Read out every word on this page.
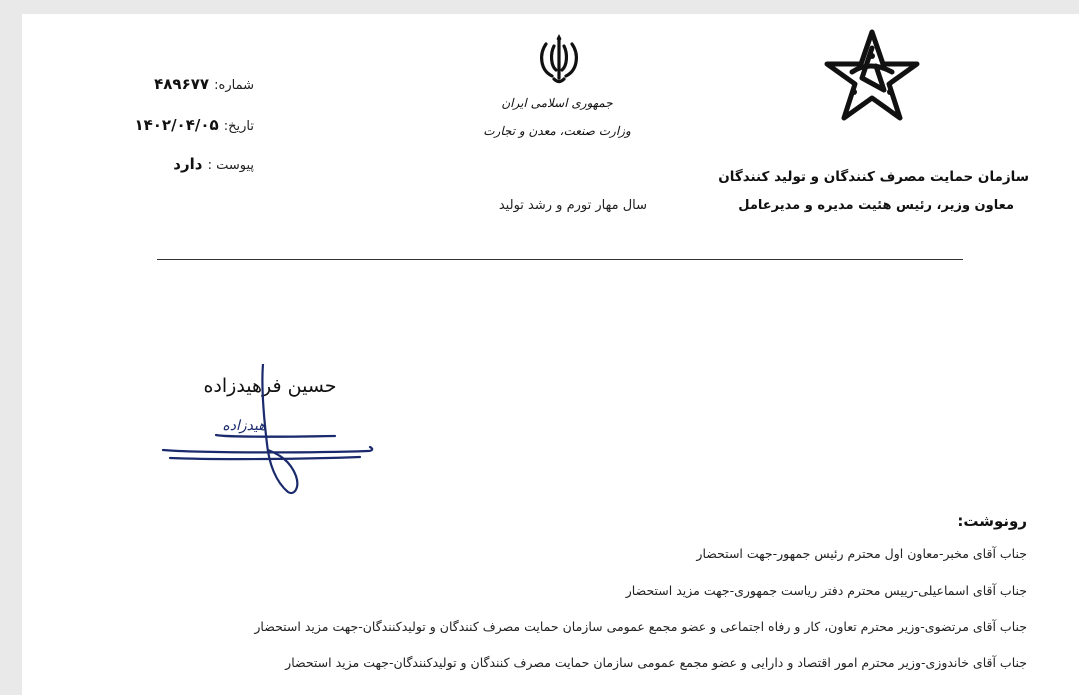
شماره: ۴۸۹۶۷۷
تاریخ: ۱۴۰۲/۰۴/۰۵
پیوست : دارد
جمهوری اسلامی ایران
وزارت صنعت، معدن و تجارت
سال مهار تورم و رشد تولید
سازمان حمایت مصرف کنندگان و تولید کنندگان
معاون وزیر، رئیس هئیت مدیره و مدیرعامل
حسین فرهیدزاده
هیدزاده
رونوشت:
جناب آقای مخبر-معاون اول محترم رئیس جمهور-جهت استحضار
جناب آقای اسماعیلی-رییس محترم دفتر ریاست جمهوری-جهت مزید استحضار
جناب آقای مرتضوی-وزیر محترم تعاون، کار و رفاه اجتماعی و عضو مجمع عمومی سازمان حمایت مصرف کنندگان و تولیدکنندگان-جهت مزید استحضار
جناب آقای خاندوزی-وزیر محترم امور اقتصاد و دارایی و عضو مجمع عمومی سازمان حمایت مصرف کنندگان و تولیدکنندگان-جهت مزید استحضار
